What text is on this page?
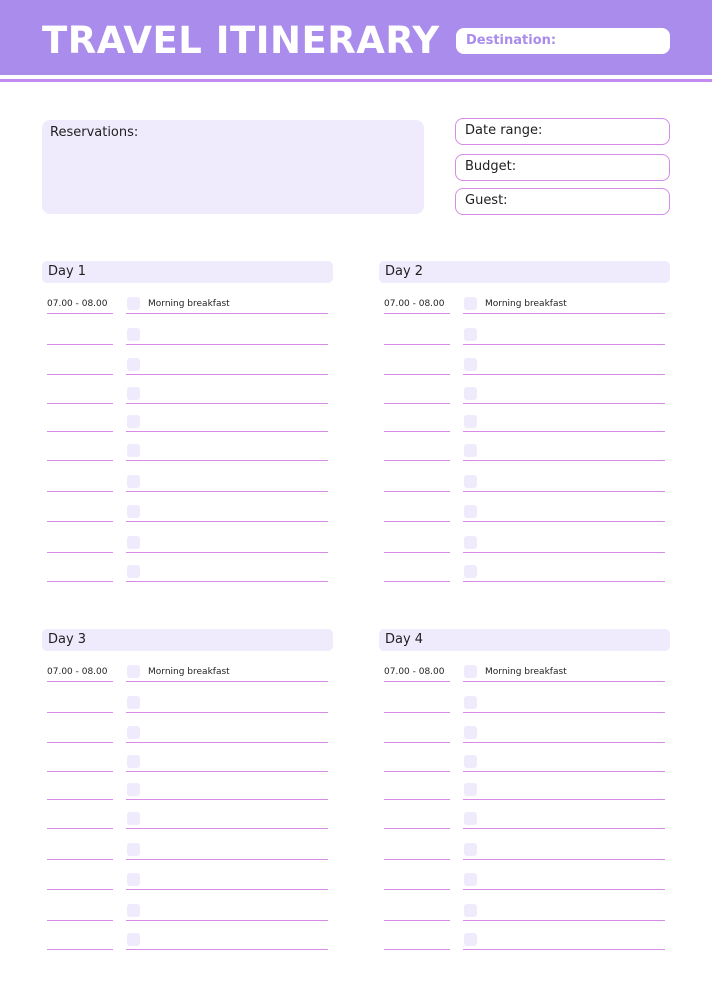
TRAVEL ITINERARY	Destination:
Reservations:	Date range:
Budget:
Guest:
Day 1
07.00 - 08.00	Morning breakfast
Day 2
07.00 - 08.00	Morning breakfast
Day 3
07.00 - 08.00	Morning breakfast
Day 4
07.00 - 08.00	Morning breakfast
